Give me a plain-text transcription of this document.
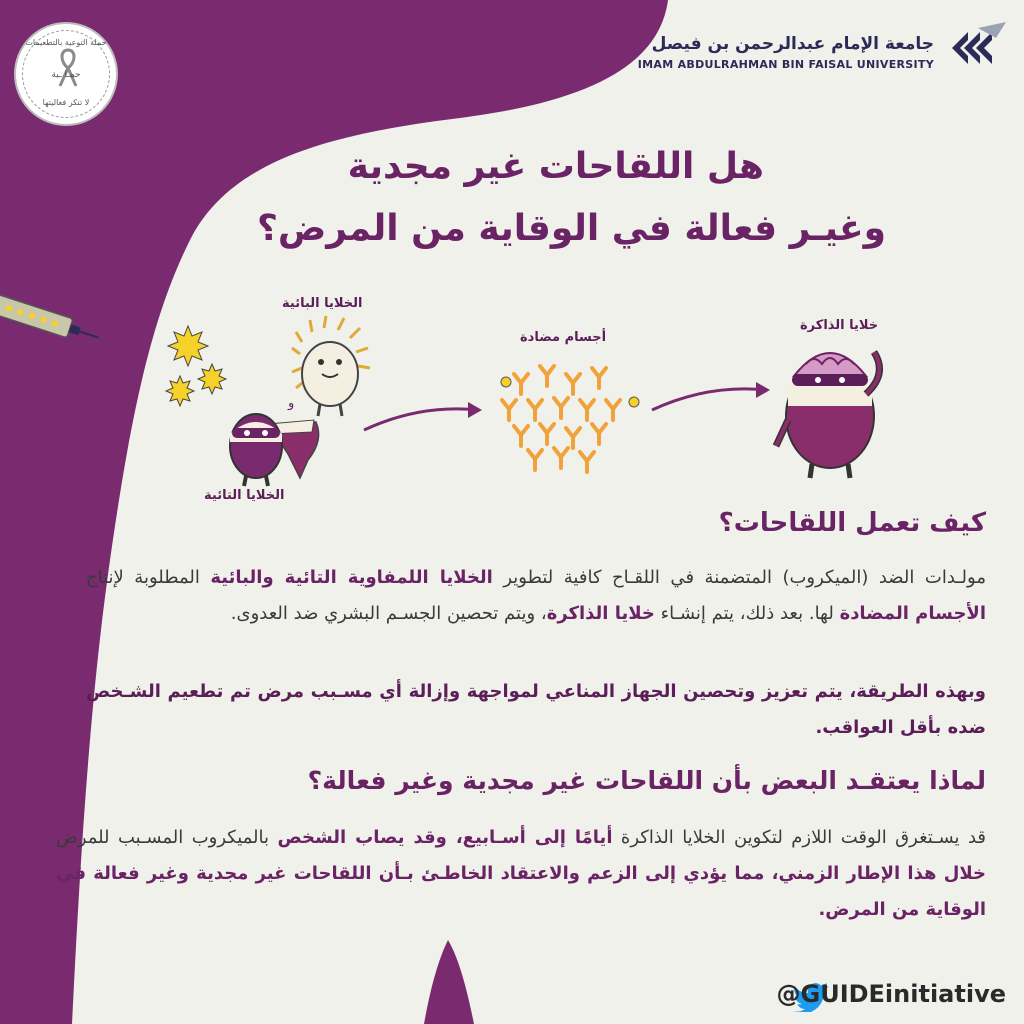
جامعة الإمام عبدالرحمن بن فيصل
IMAM ABDULRAHMAN BIN FAISAL UNIVERSITY
حملة التوعية بالتطعيمات
حمـا ـية
لا تنكر فعاليتها
هل اللقاحات غير مجدية
وغيـر فعالة في الوقاية من المرض؟
الخلايا البائية
و
الخلايا التائية
أجسام مضادة
خلايا الذاكرة
كيف تعمل اللقاحات؟

مولـدات الضد (الميكروب) المتضمنة في اللقـاح كافية لتطوير الخلايا اللمفاوية التائية والبائية المطلوبة لإنتاج الأجسام المضادة لها. بعد ذلك، يتم إنشـاء خلايا الذاكرة، ويتم تحصين الجسـم البشري ضد العدوى.

وبهذه الطريقة، يتم تعزيز وتحصين الجهاز المناعي لمواجهة وإزالة أي مسـبب مرض تم تطعيم الشـخص ضده بأقل العواقب.

لماذا يعتقـد البعض بأن اللقاحات غير مجدية وغير فعالة؟

قد يسـتغرق الوقت اللازم لتكوين الخلايا الذاكرة أيامًا إلى أسـابيع، وقد يصاب الشخص بالميكروب المسـبب للمرض خلال هذا الإطار الزمني، مما يؤدي إلى الزعم والاعتقاد الخاطـئ بـأن اللقاحات غير مجدية وغير فعالة في الوقاية من المرض.

@GUIDEinitiative
